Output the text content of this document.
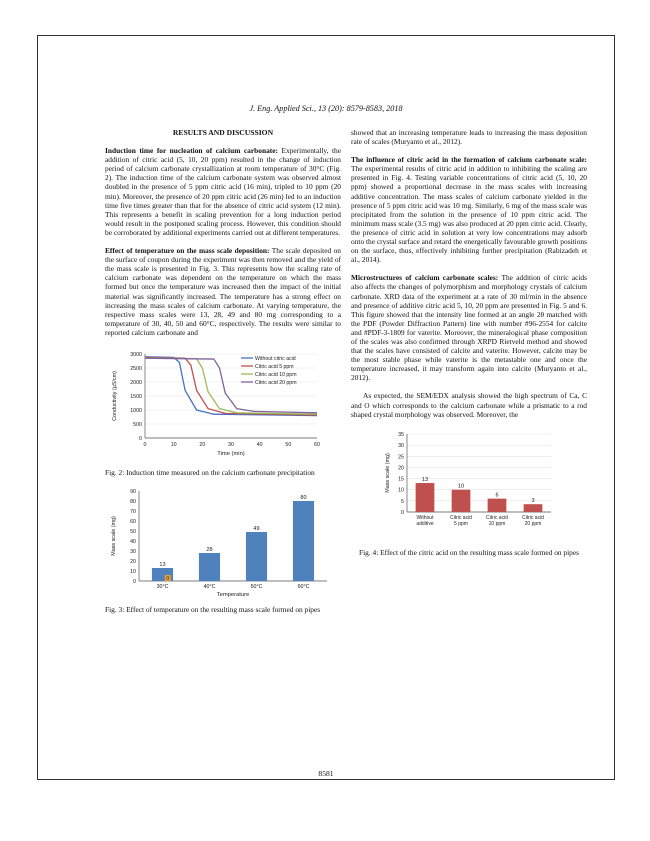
J. Eng. Applied Sci., 13 (20): 8579-8583, 2018
RESULTS AND DISCUSSION
Induction time for nucleation of calcium carbonate: Experimentally, the addition of citric acid (5, 10, 20 ppm) resulted in the change of induction period of calcium carbonate crystallization at room temperature of 30°C (Fig. 2). The induction time of the calcium carbonate system was observed almost doubled in the presence of 5 ppm citric acid (16 min), tripled to 10 ppm (20 min). Moreover, the presence of 20 ppm citric acid (26 min) led to an induction time five times greater than that for the absence of citric acid system (12 min). This represents a benefit in scaling prevention for a long induction period would result in the postponed scaling process. However, this condition should be corroborated by additional experiments carried out at different temperatures.
Effect of temperature on the mass scale deposition: The scale deposited on the surface of coupon during the experiment was then removed and the yield of the mass scale is presented in Fig. 3. This represents how the scaling rate of calcium carbonate was dependent on the temperature on which the mass formed but once the temperature was increased then the impact of the initial material was significantly increased. The temperature has a strong effect on increasing the mass scales of calcium carbonate. At varying temperature, the respective mass scales were 13, 28, 49 and 80 mg corresponding to a temperature of 30, 40, 50 and 60°C, respectively. The results were similar to reported calcium carbonate and
0
500
1000
1500
2000
2500
3000
0	10	20	30	40	50	60
Time (min)
Conductivity (µS/cm)
Without citric acid
Citric acid 5 ppm
Citric acid 10 ppm
Citric acid 20 ppm
Fig. 2: Induction time measured on the calcium carbonate precipitation
0
10
20
30
40
50
60
70
80
90
Mass scale (mg)
Temperature
13
30°C
28
40°C
49
50°C
80
60°C
0
Fig. 3: Effect of temperature on the resulting mass scale formed on pipes
showed that an increasing temperature leads to increasing the mass deposition rate of scales (Muryanto et al., 2012).
The influence of citric acid in the formation of calcium carbonate scale: The experimental results of citric acid in addition to inhibiting the scaling are presented in Fig. 4. Testing variable concentrations of citric acid (5, 10, 20 ppm) showed a proportional decrease in the mass scales with increasing additive concentration. The mass scales of calcium carbonate yielded in the presence of 5 ppm citric acid was 10 mg. Similarly, 6 mg of the mass scale was precipitated from the solution in the presence of 10 ppm citric acid. The minimum mass scale (3.5 mg) was also produced at 20 ppm citric acid. Clearly, the presence of citric acid in solution at very low concentrations may adsorb onto the crystal surface and retard the energetically favourable growth positions on the surface, thus, effectively inhibiting further precipitation (Rabizadeh et al., 2014).
Microstructures of calcium carbonate scales: The addition of citric acids also affects the changes of polymorphism and morphology crystals of calcium carbonate. XRD data of the experiment at a rate of 30 ml/min in the absence and presence of additive citric acid 5, 10, 20 ppm are presented in Fig. 5 and 6. This figure showed that the intensity line formed at an angle 2θ matched with the PDF (Powder Diffraction Pattern) line with number #96-2554 for calcite and #PDF-3-1809 for vaterite. Moreover, the mineralogical phase composition of the scales was also confirmed through XRPD Rietveld method and showed that the scales have consisted of calcite and vaterite. However, calcite may be the most stable phase while vaterite is the metastable one and once the temperature increased, it may transform again into calcite (Muryanto et al., 2012).
As expected, the SEM/EDX analysis showed the high spectrum of Ca, C and O which corresponds to the calcium carbonate while a prismatic to a rod shaped crystal morphology was observed. Moreover, the
0
5
10
15
20
25
30
35
Mass scale (mg)	13
Without additive
10
Citric acid 5 ppm
6
Citric acid 10 ppm
3
Citric acid 20 ppm
Fig. 4: Effect of the citric acid on the resulting mass scale formed on pipes
8581
